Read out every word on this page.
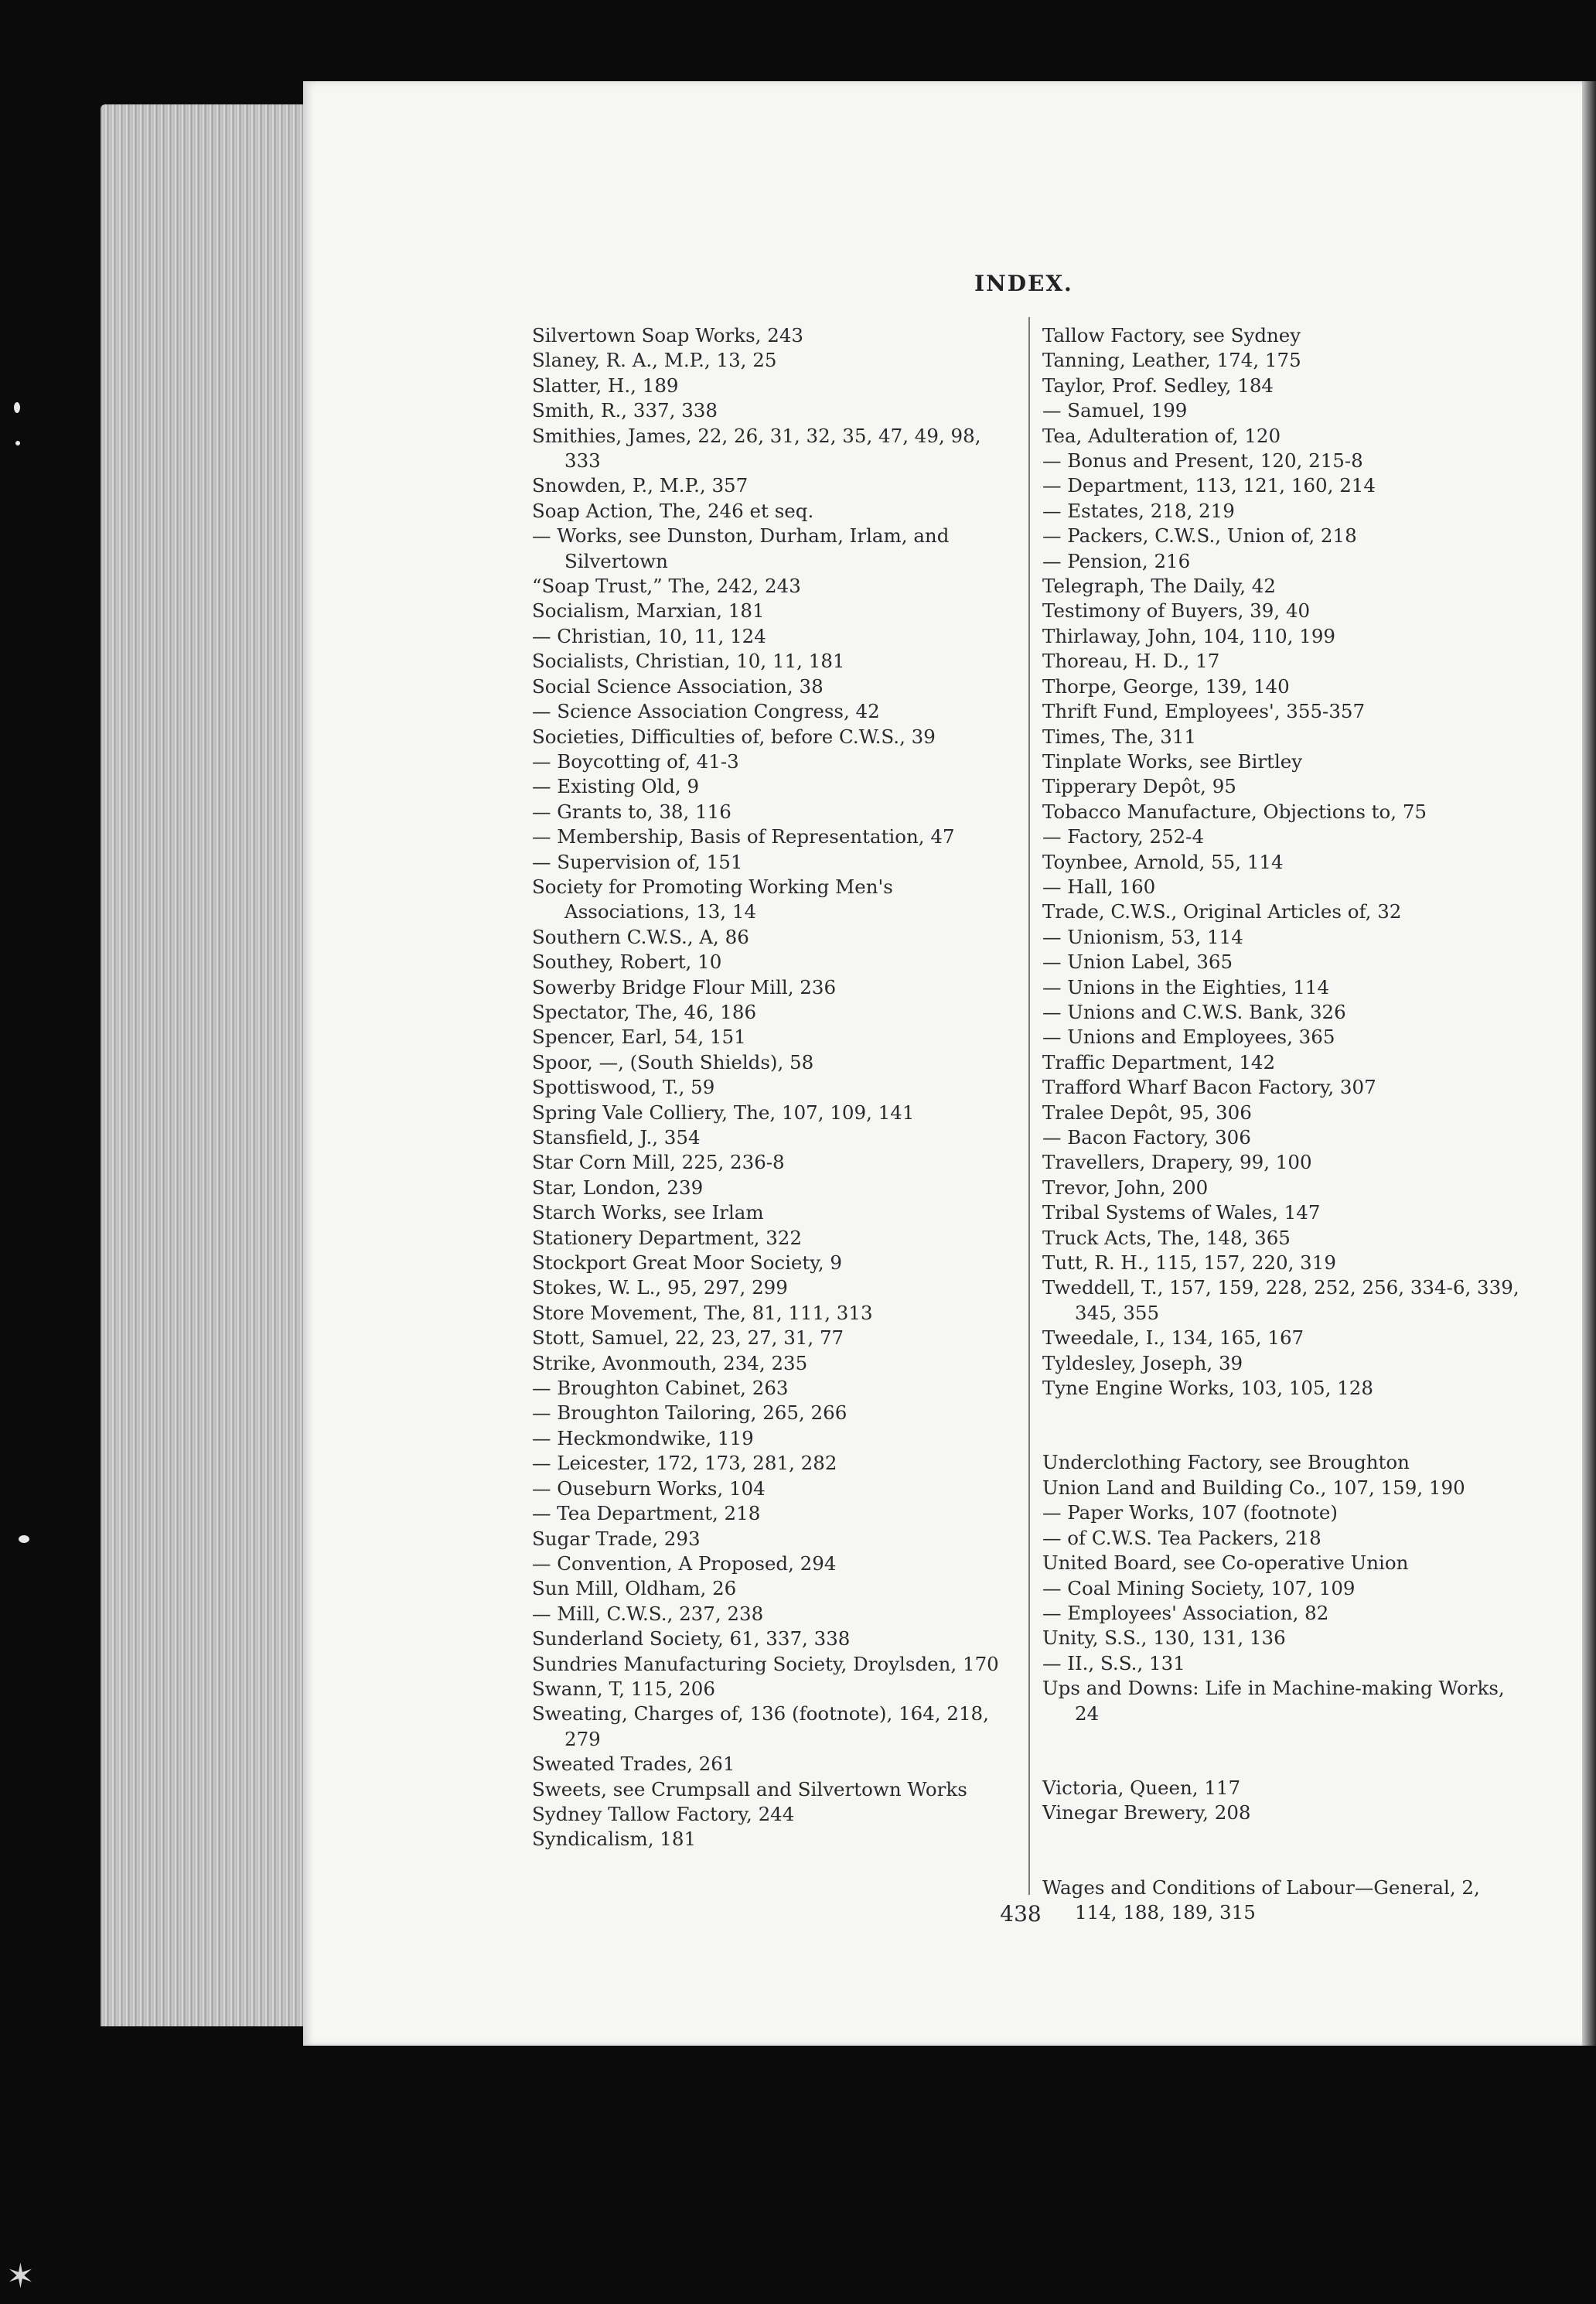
INDEX.
Silvertown Soap Works, 243
Slaney, R. A., M.P., 13, 25
Slatter, H., 189
Smith, R., 337, 338
Smithies, James, 22, 26, 31, 32, 35, 47, 49, 98, 333
Snowden, P., M.P., 357
Soap Action, The, 246 et seq.
— Works, see Dunston, Durham, Irlam, and Silvertown
“Soap Trust,” The, 242, 243
Socialism, Marxian, 181
— Christian, 10, 11, 124
Socialists, Christian, 10, 11, 181
Social Science Association, 38
— Science Association Congress, 42
Societies, Difficulties of, before C.W.S., 39
— Boycotting of, 41-3
— Existing Old, 9
— Grants to, 38, 116
— Membership, Basis of Representation, 47
— Supervision of, 151
Society for Promoting Working Men's Associations, 13, 14
Southern C.W.S., A, 86
Southey, Robert, 10
Sowerby Bridge Flour Mill, 236
Spectator, The, 46, 186
Spencer, Earl, 54, 151
Spoor, —, (South Shields), 58
Spottiswood, T., 59
Spring Vale Colliery, The, 107, 109, 141
Stansfield, J., 354
Star Corn Mill, 225, 236-8
Star, London, 239
Starch Works, see Irlam
Stationery Department, 322
Stockport Great Moor Society, 9
Stokes, W. L., 95, 297, 299
Store Movement, The, 81, 111, 313
Stott, Samuel, 22, 23, 27, 31, 77
Strike, Avonmouth, 234, 235
— Broughton Cabinet, 263
— Broughton Tailoring, 265, 266
— Heckmondwike, 119
— Leicester, 172, 173, 281, 282
— Ouseburn Works, 104
— Tea Department, 218
Sugar Trade, 293
— Convention, A Proposed, 294
Sun Mill, Oldham, 26
— Mill, C.W.S., 237, 238
Sunderland Society, 61, 337, 338
Sundries Manufacturing Society, Droylsden, 170
Swann, T, 115, 206
Sweating, Charges of, 136 (footnote), 164, 218, 279
Sweated Trades, 261
Sweets, see Crumpsall and Silvertown Works
Sydney Tallow Factory, 244
Syndicalism, 181
Tallow Factory, see Sydney
Tanning, Leather, 174, 175
Taylor, Prof. Sedley, 184
— Samuel, 199
Tea, Adulteration of, 120
— Bonus and Present, 120, 215-8
— Department, 113, 121, 160, 214
— Estates, 218, 219
— Packers, C.W.S., Union of, 218
— Pension, 216
Telegraph, The Daily, 42
Testimony of Buyers, 39, 40
Thirlaway, John, 104, 110, 199
Thoreau, H. D., 17
Thorpe, George, 139, 140
Thrift Fund, Employees', 355-357
Times, The, 311
Tinplate Works, see Birtley
Tipperary Depôt, 95
Tobacco Manufacture, Objections to, 75
— Factory, 252-4
Toynbee, Arnold, 55, 114
— Hall, 160
Trade, C.W.S., Original Articles of, 32
— Unionism, 53, 114
— Union Label, 365
— Unions in the Eighties, 114
— Unions and C.W.S. Bank, 326
— Unions and Employees, 365
Traffic Department, 142
Trafford Wharf Bacon Factory, 307
Tralee Depôt, 95, 306
— Bacon Factory, 306
Travellers, Drapery, 99, 100
Trevor, John, 200
Tribal Systems of Wales, 147
Truck Acts, The, 148, 365
Tutt, R. H., 115, 157, 220, 319
Tweddell, T., 157, 159, 228, 252, 256, 334-6, 339, 345, 355
Tweedale, I., 134, 165, 167
Tyldesley, Joseph, 39
Tyne Engine Works, 103, 105, 128
Underclothing Factory, see Broughton
Union Land and Building Co., 107, 159, 190
— Paper Works, 107 (footnote)
— of C.W.S. Tea Packers, 218
United Board, see Co-operative Union
— Coal Mining Society, 107, 109
— Employees' Association, 82
Unity, S.S., 130, 131, 136
— II., S.S., 131
Ups and Downs: Life in Machine-making Works, 24
Victoria, Queen, 117
Vinegar Brewery, 208
Wages and Conditions of Labour—General, 2, 114, 188, 189, 315
438
✶
